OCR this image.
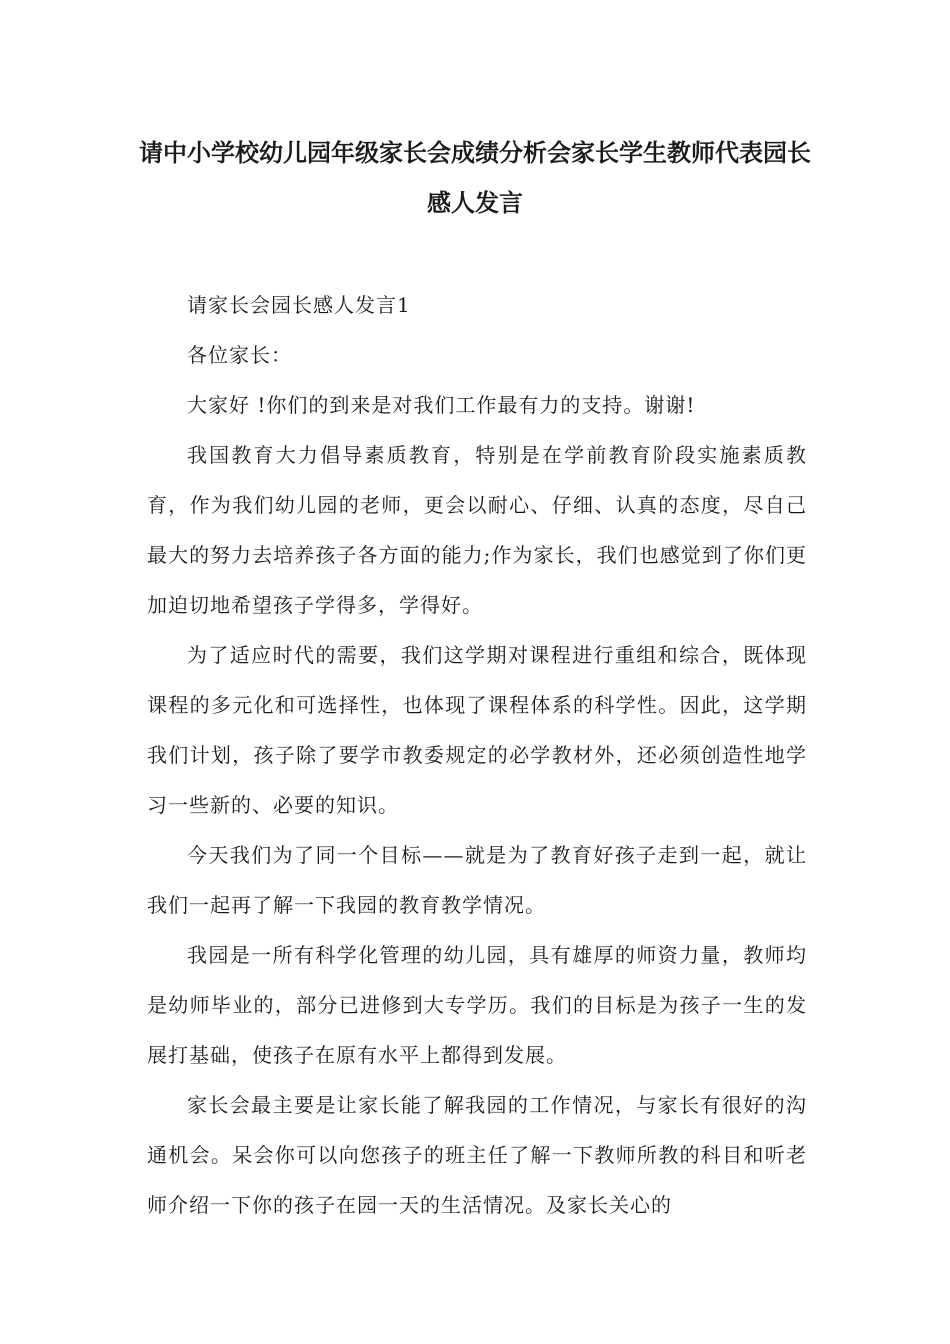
请中小学校幼儿园年级家长会成绩分析会家长学生教师代表园长感人发言

请家长会园长感人发言1

各位家长：

大家好 !你们的到来是对我们工作最有力的支持。谢谢!

我国教育大力倡导素质教育，特别是在学前教育阶段实施素质教育，作为我们幼儿园的老师，更会以耐心、仔细、认真的态度，尽自己最大的努力去培养孩子各方面的能力;作为家长，我们也感觉到了你们更加迫切地希望孩子学得多，学得好。

为了适应时代的需要，我们这学期对课程进行重组和综合，既体现课程的多元化和可选择性，也体现了课程体系的科学性。因此，这学期我们计划，孩子除了要学市教委规定的必学教材外，还必须创造性地学习一些新的、必要的知识。

今天我们为了同一个目标——就是为了教育好孩子走到一起，就让我们一起再了解一下我园的教育教学情况。

我园是一所有科学化管理的幼儿园，具有雄厚的师资力量，教师均是幼师毕业的，部分已进修到大专学历。我们的目标是为孩子一生的发展打基础，使孩子在原有水平上都得到发展。

家长会最主要是让家长能了解我园的工作情况，与家长有很好的沟通机会。呆会你可以向您孩子的班主任了解一下教师所教的科目和听老师介绍一下你的孩子在园一天的生活情况。及家长关心的
